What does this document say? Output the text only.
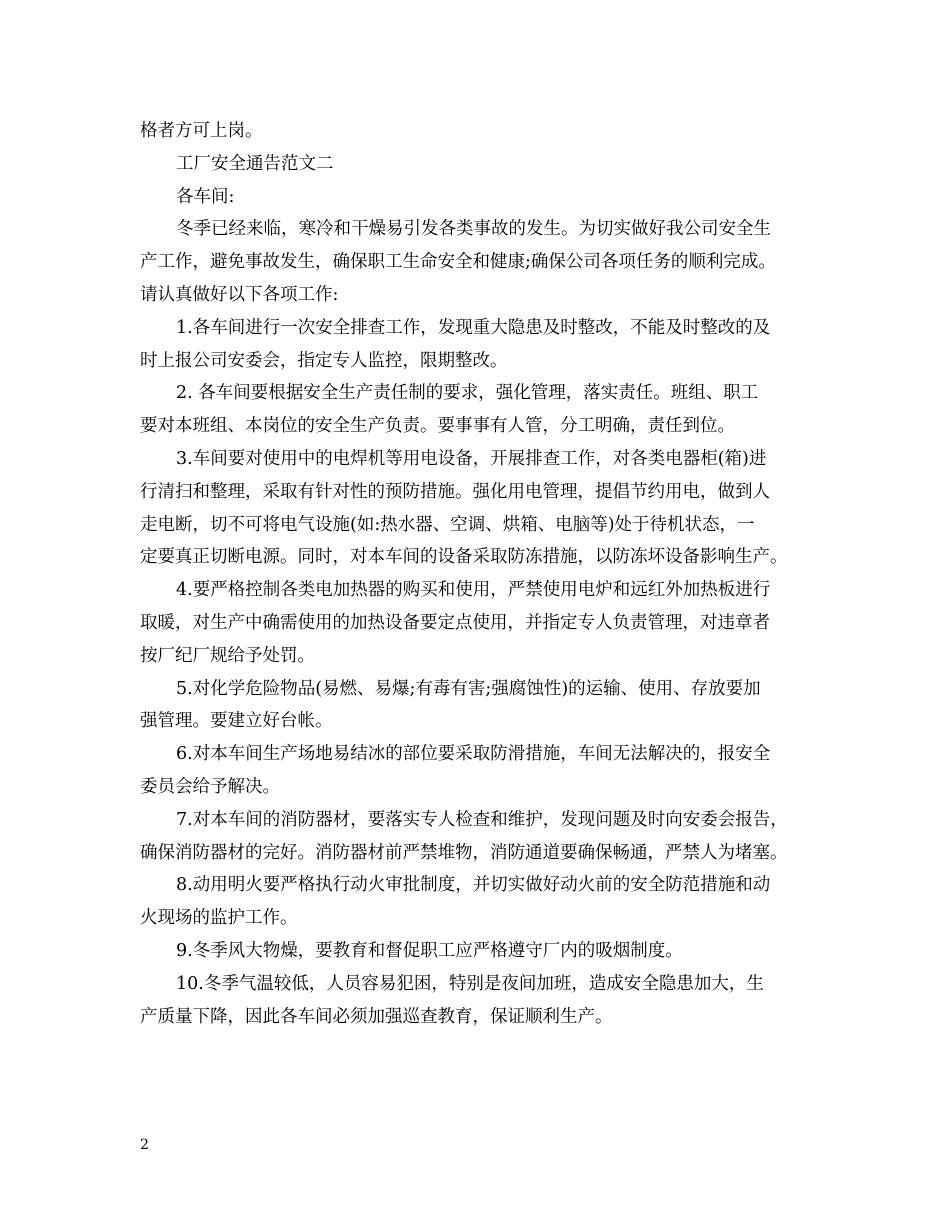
格者方可上岗。
工厂安全通告范文二
各车间:
冬季已经来临，寒冷和干燥易引发各类事故的发生。为切实做好我公司安全生
产工作，避免事故发生，确保职工生命安全和健康;确保公司各项任务的顺利完成。
请认真做好以下各项工作:
1.各车间进行一次安全排查工作，发现重大隐患及时整改，不能及时整改的及
时上报公司安委会，指定专人监控，限期整改。
2. 各车间要根据安全生产责任制的要求，强化管理，落实责任。班组、职工
要对本班组、本岗位的安全生产负责。要事事有人管，分工明确，责任到位。
3.车间要对使用中的电焊机等用电设备，开展排查工作，对各类电器柜(箱)进
行清扫和整理，采取有针对性的预防措施。强化用电管理，提倡节约用电，做到人
走电断，切不可将电气设施(如:热水器、空调、烘箱、电脑等)处于待机状态，一
定要真正切断电源。同时，对本车间的设备采取防冻措施，以防冻坏设备影响生产。
4.要严格控制各类电加热器的购买和使用，严禁使用电炉和远红外加热板进行
取暖，对生产中确需使用的加热设备要定点使用，并指定专人负责管理，对违章者
按厂纪厂规给予处罚。
5.对化学危险物品(易燃、易爆;有毒有害;强腐蚀性)的运输、使用、存放要加
强管理。要建立好台帐。
6.对本车间生产场地易结冰的部位要采取防滑措施，车间无法解决的，报安全
委员会给予解决。
7.对本车间的消防器材，要落实专人检查和维护，发现问题及时向安委会报告，
确保消防器材的完好。消防器材前严禁堆物，消防通道要确保畅通，严禁人为堵塞。
8.动用明火要严格执行动火审批制度，并切实做好动火前的安全防范措施和动
火现场的监护工作。
9.冬季风大物燥，要教育和督促职工应严格遵守厂内的吸烟制度。
10.冬季气温较低，人员容易犯困，特别是夜间加班，造成安全隐患加大，生
产质量下降，因此各车间必须加强巡查教育，保证顺利生产。
2
